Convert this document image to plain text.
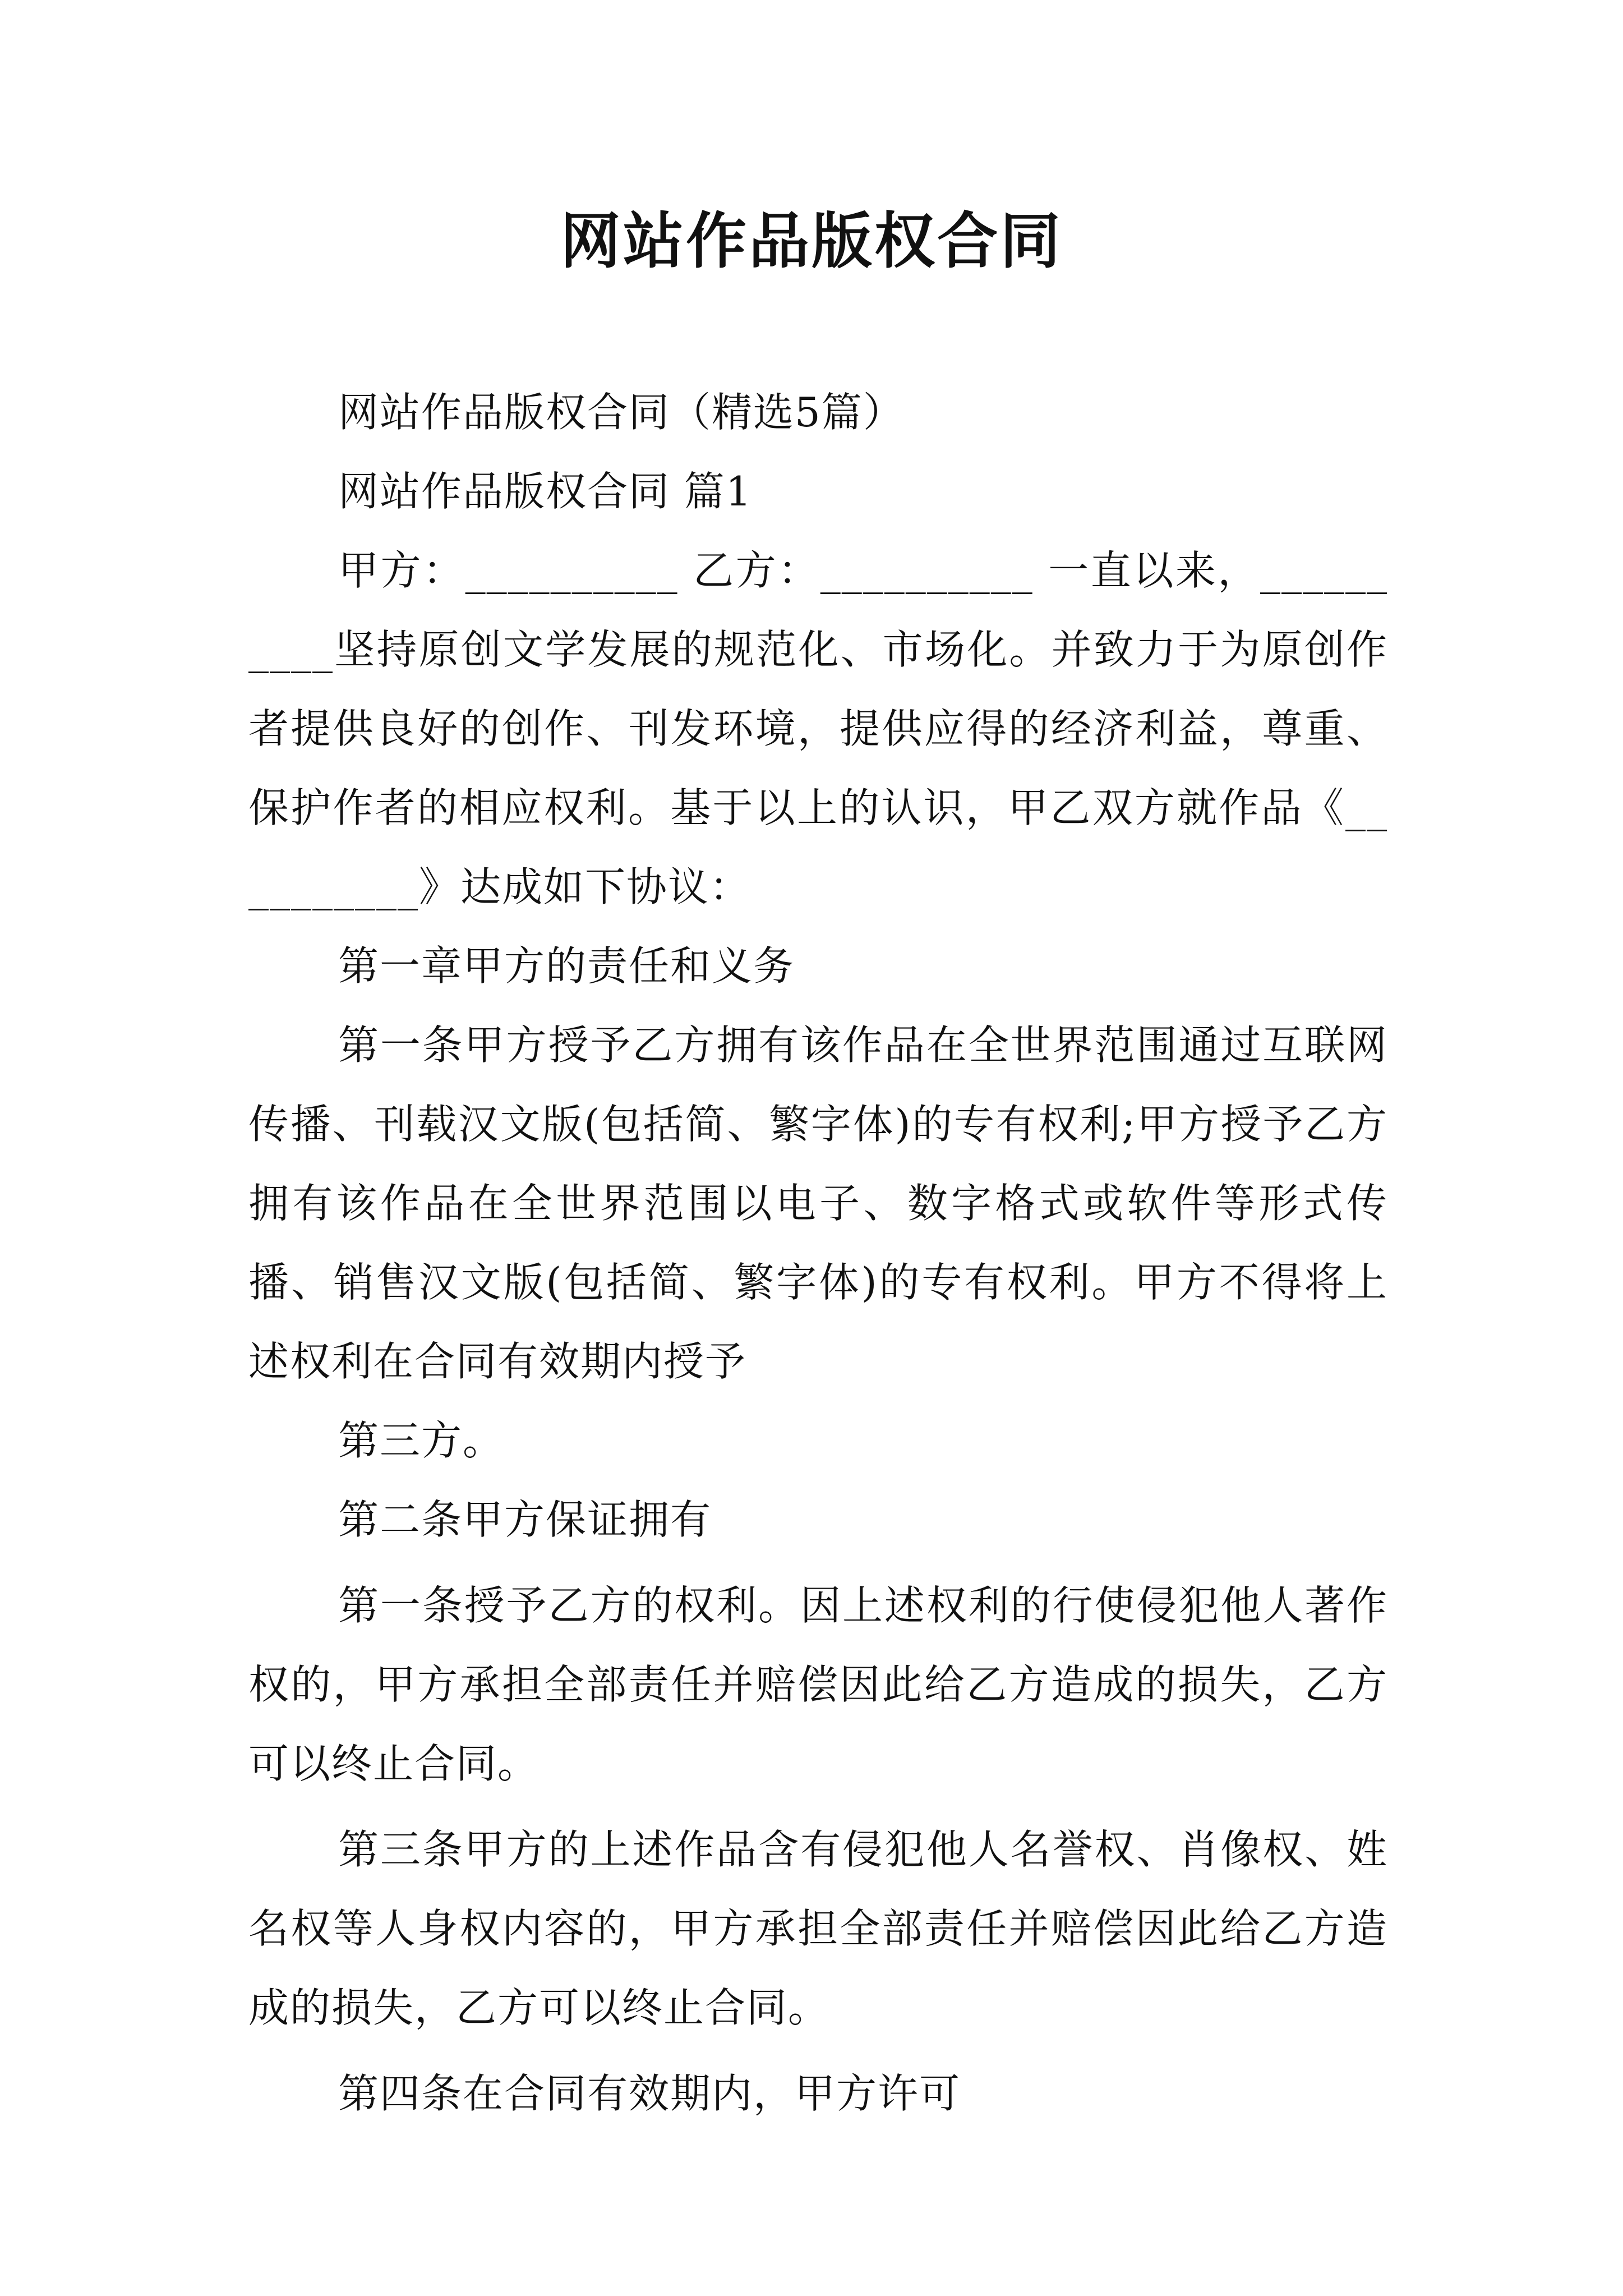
网站作品版权合同

网站作品版权合同（精选5篇）

网站作品版权合同 篇1

甲方：__________ 乙方：__________ 一直以来，__________坚持原创文学发展的规范化、市场化。并致力于为原创作者提供良好的创作、刊发环境，提供应得的经济利益，尊重、保护作者的相应权利。基于以上的认识，甲乙双方就作品《__________》达成如下协议：

第一章甲方的责任和义务

第一条甲方授予乙方拥有该作品在全世界范围通过互联网传播、刊载汉文版(包括简、繁字体)的专有权利;甲方授予乙方拥有该作品在全世界范围以电子、数字格式或软件等形式传播、销售汉文版(包括简、繁字体)的专有权利。甲方不得将上述权利在合同有效期内授予

第三方。

第二条甲方保证拥有

第一条授予乙方的权利。因上述权利的行使侵犯他人著作权的，甲方承担全部责任并赔偿因此给乙方造成的损失，乙方可以终止合同。

第三条甲方的上述作品含有侵犯他人名誉权、肖像权、姓名权等人身权内容的，甲方承担全部责任并赔偿因此给乙方造成的损失，乙方可以终止合同。

第四条在合同有效期内，甲方许可
